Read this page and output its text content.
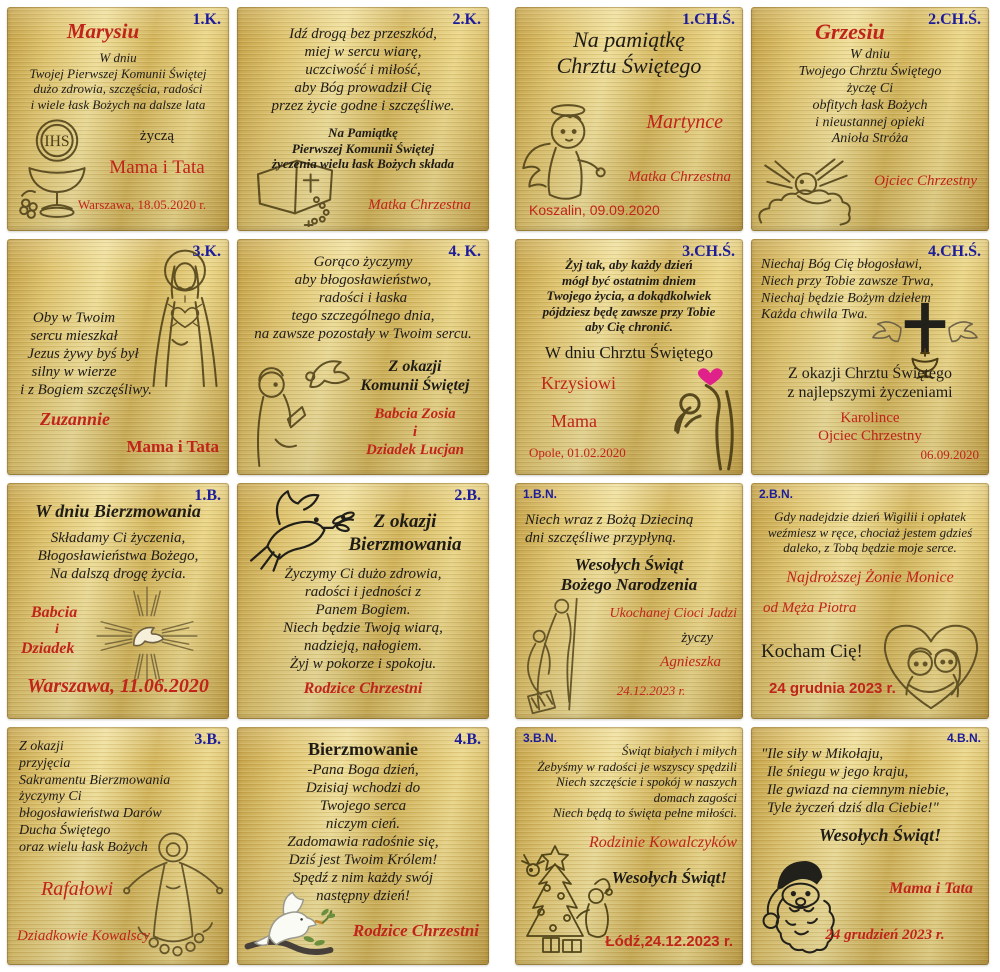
1.K.
IHS
Marysiu
W dniu
Twojej Pierwszej Komunii Świętej
dużo zdrowia, szczęścia, radości
i wiele łask Bożych na dalsze lata
życzą
Mama i Tata
Warszawa, 18.05.2020 r.
2.K.
Idź drogą bez przeszkód,
miej w sercu wiarę,
uczciwość i miłość,
aby Bóg prowadził Cię
przez życie godne i szczęśliwe.
Na Pamiątkę
Pierwszej Komunii Świętej
życzenia wielu łask Bożych składa
Matka Chrzestna
3.K.
Oby w Twoim
sercu mieszkał
Jezus żywy byś był
silny w wierze
i z Bogiem szczęśliwy.
Zuzannie
Mama i Tata
4. K.
Gorąco życzymy
aby błogosławieństwo,
radości i łaska
tego szczególnego dnia,
na zawsze pozostały w Twoim sercu.
Z okazji
Komunii Świętej
Babcia Zosia
i
Dziadek Lucjan
1.B.
W dniu Bierzmowania
Składamy Ci życzenia,
Błogosławieństwa Bożego,
Na dalszą drogę życia.
Babcia
i
Dziadek
Warszawa, 11.06.2020
2.B.
Z okazji
Bierzmowania
Życzymy Ci dużo zdrowia,
radości i jedności z
Panem Bogiem.
Niech będzie Twoją wiarą,
nadzieją, nałogiem.
Żyj w pokorze i spokoju.
Rodzice Chrzestni
3.B.
Z okazji
przyjęcia
Sakramentu Bierzmowania
życzymy Ci
błogosławieństwa Darów
Ducha Świętego
oraz wielu łask Bożych
Rafałowi
Dziadkowie Kowalscy
4.B.
Bierzmowanie
-Pana Boga dzień,
Dzisiaj wchodzi do
Twojego serca
niczym cień.
Zadomawia radośnie się,
Dziś jest Twoim Królem!
Spędź z nim każdy swój
następny dzień!
Rodzice Chrzestni
1.CH.Ś.
Na pamiątkę
Chrztu Świętego
Martynce
Matka Chrzestna
Koszalin, 09.09.2020
2.CH.Ś.
Grzesiu
W dniu
Twojego Chrztu Świętego
życzę Ci
obfitych łask Bożych
i nieustannej opieki
Anioła Stróża
Ojciec Chrzestny
3.CH.Ś.
Żyj tak, aby każdy dzień
mógł być ostatnim dniem
Twojego życia, a dokądkolwiek
pójdziesz będę zawsze przy Tobie
aby Cię chronić.
W dniu Chrztu Świętego
Krzysiowi
Mama
Opole, 01.02.2020
4.CH.Ś.
Niechaj Bóg Cię błogosławi,
Niech przy Tobie zawsze Trwa,
Niechaj będzie Bożym dziełem
Każda chwila Twa.
Z okazji Chrztu Świętego
z najlepszymi życzeniami
Karolince
Ojciec Chrzestny
06.09.2020
1.B.N.
Niech wraz z Bożą Dzieciną
dni szczęśliwe przypłyną.
Wesołych Świąt
Bożego Narodzenia
Ukochanej Cioci Jadzi
życzy
Agnieszka
24.12.2023 r.
2.B.N.
Gdy nadejdzie dzień Wigilii i opłatek
weźmiesz w ręce, chociaż jestem gdzieś
daleko, z Tobą będzie moje serce.
Najdroższej Żonie Monice
od Męża Piotra
Kocham Cię!
24 grudnia 2023 r.
3.B.N.
Świąt białych i miłych
Żebyśmy w radości je wszyscy spędzili
Niech szczęście i spokój w naszych
domach zagości
Niech będą to święta pełne miłości.
Rodzinie Kowalczyków
Wesołych Świąt!
Łódź,24.12.2023 r.
4.B.N.
"Ile siły w Mikołaju,
Ile śniegu w jego kraju,
Ile gwiazd na ciemnym niebie,
Tyle życzeń dziś dla Ciebie!"
Wesołych Świąt!
Mama i Tata
24 grudzień 2023 r.
